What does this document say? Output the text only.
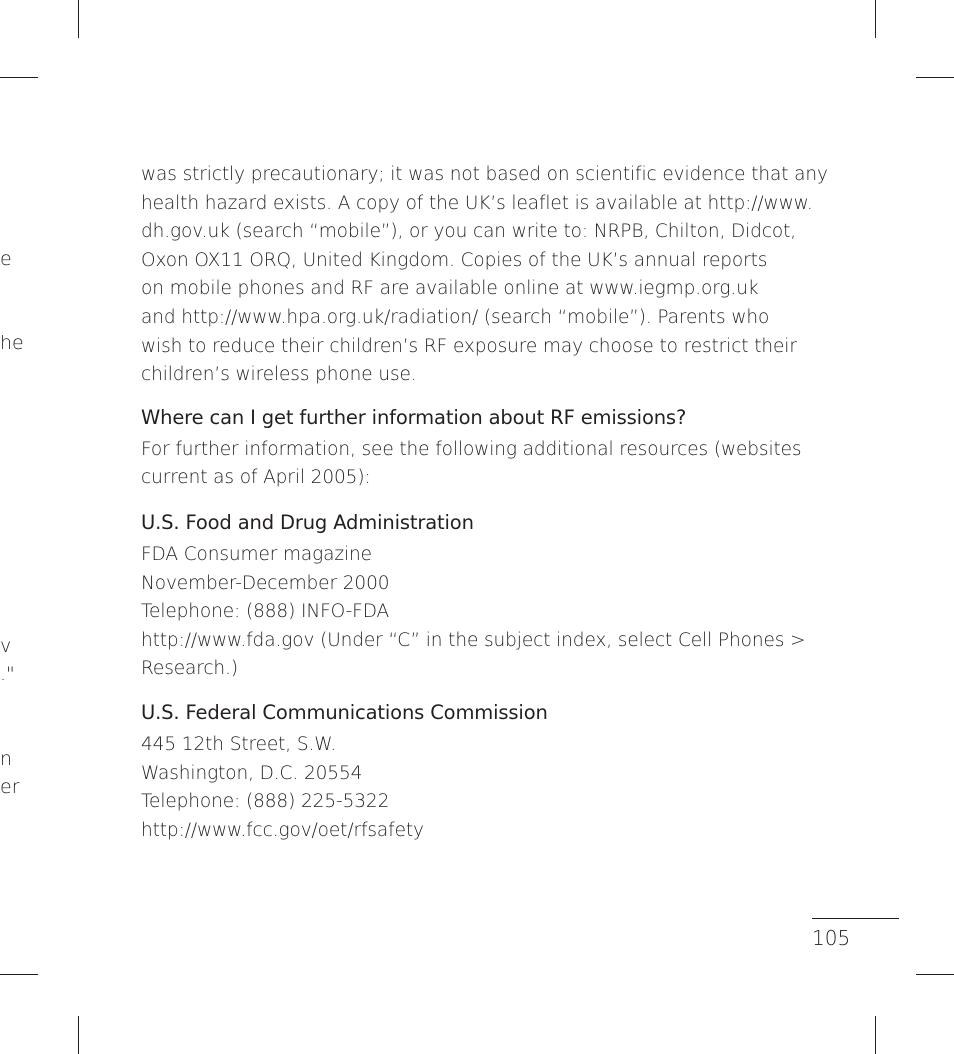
e
he
v
."
n
er

was strictly precautionary; it was not based on scientific evidence that any
health hazard exists. A copy of the UK’s leaflet is available at http://www.
dh.gov.uk (search “mobile”), or you can write to: NRPB, Chilton, Didcot,
Oxon OX11 ORQ, United Kingdom. Copies of the UK’s annual reports
on mobile phones and RF are available online at www.iegmp.org.uk
and http://www.hpa.org.uk/radiation/ (search “mobile”). Parents who
wish to reduce their children’s RF exposure may choose to restrict their
children’s wireless phone use.

Where can I get further information about RF emissions?

For further information, see the following additional resources (websites
current as of April 2005):

U.S. Food and Drug Administration

FDA Consumer magazine
November-December 2000
Telephone: (888) INFO-FDA
http://www.fda.gov (Under “C” in the subject index, select Cell Phones >
Research.)

U.S. Federal Communications Commission

445 12th Street, S.W.
Washington, D.C. 20554
Telephone: (888) 225-5322
http://www.fcc.gov/oet/rfsafety

105
